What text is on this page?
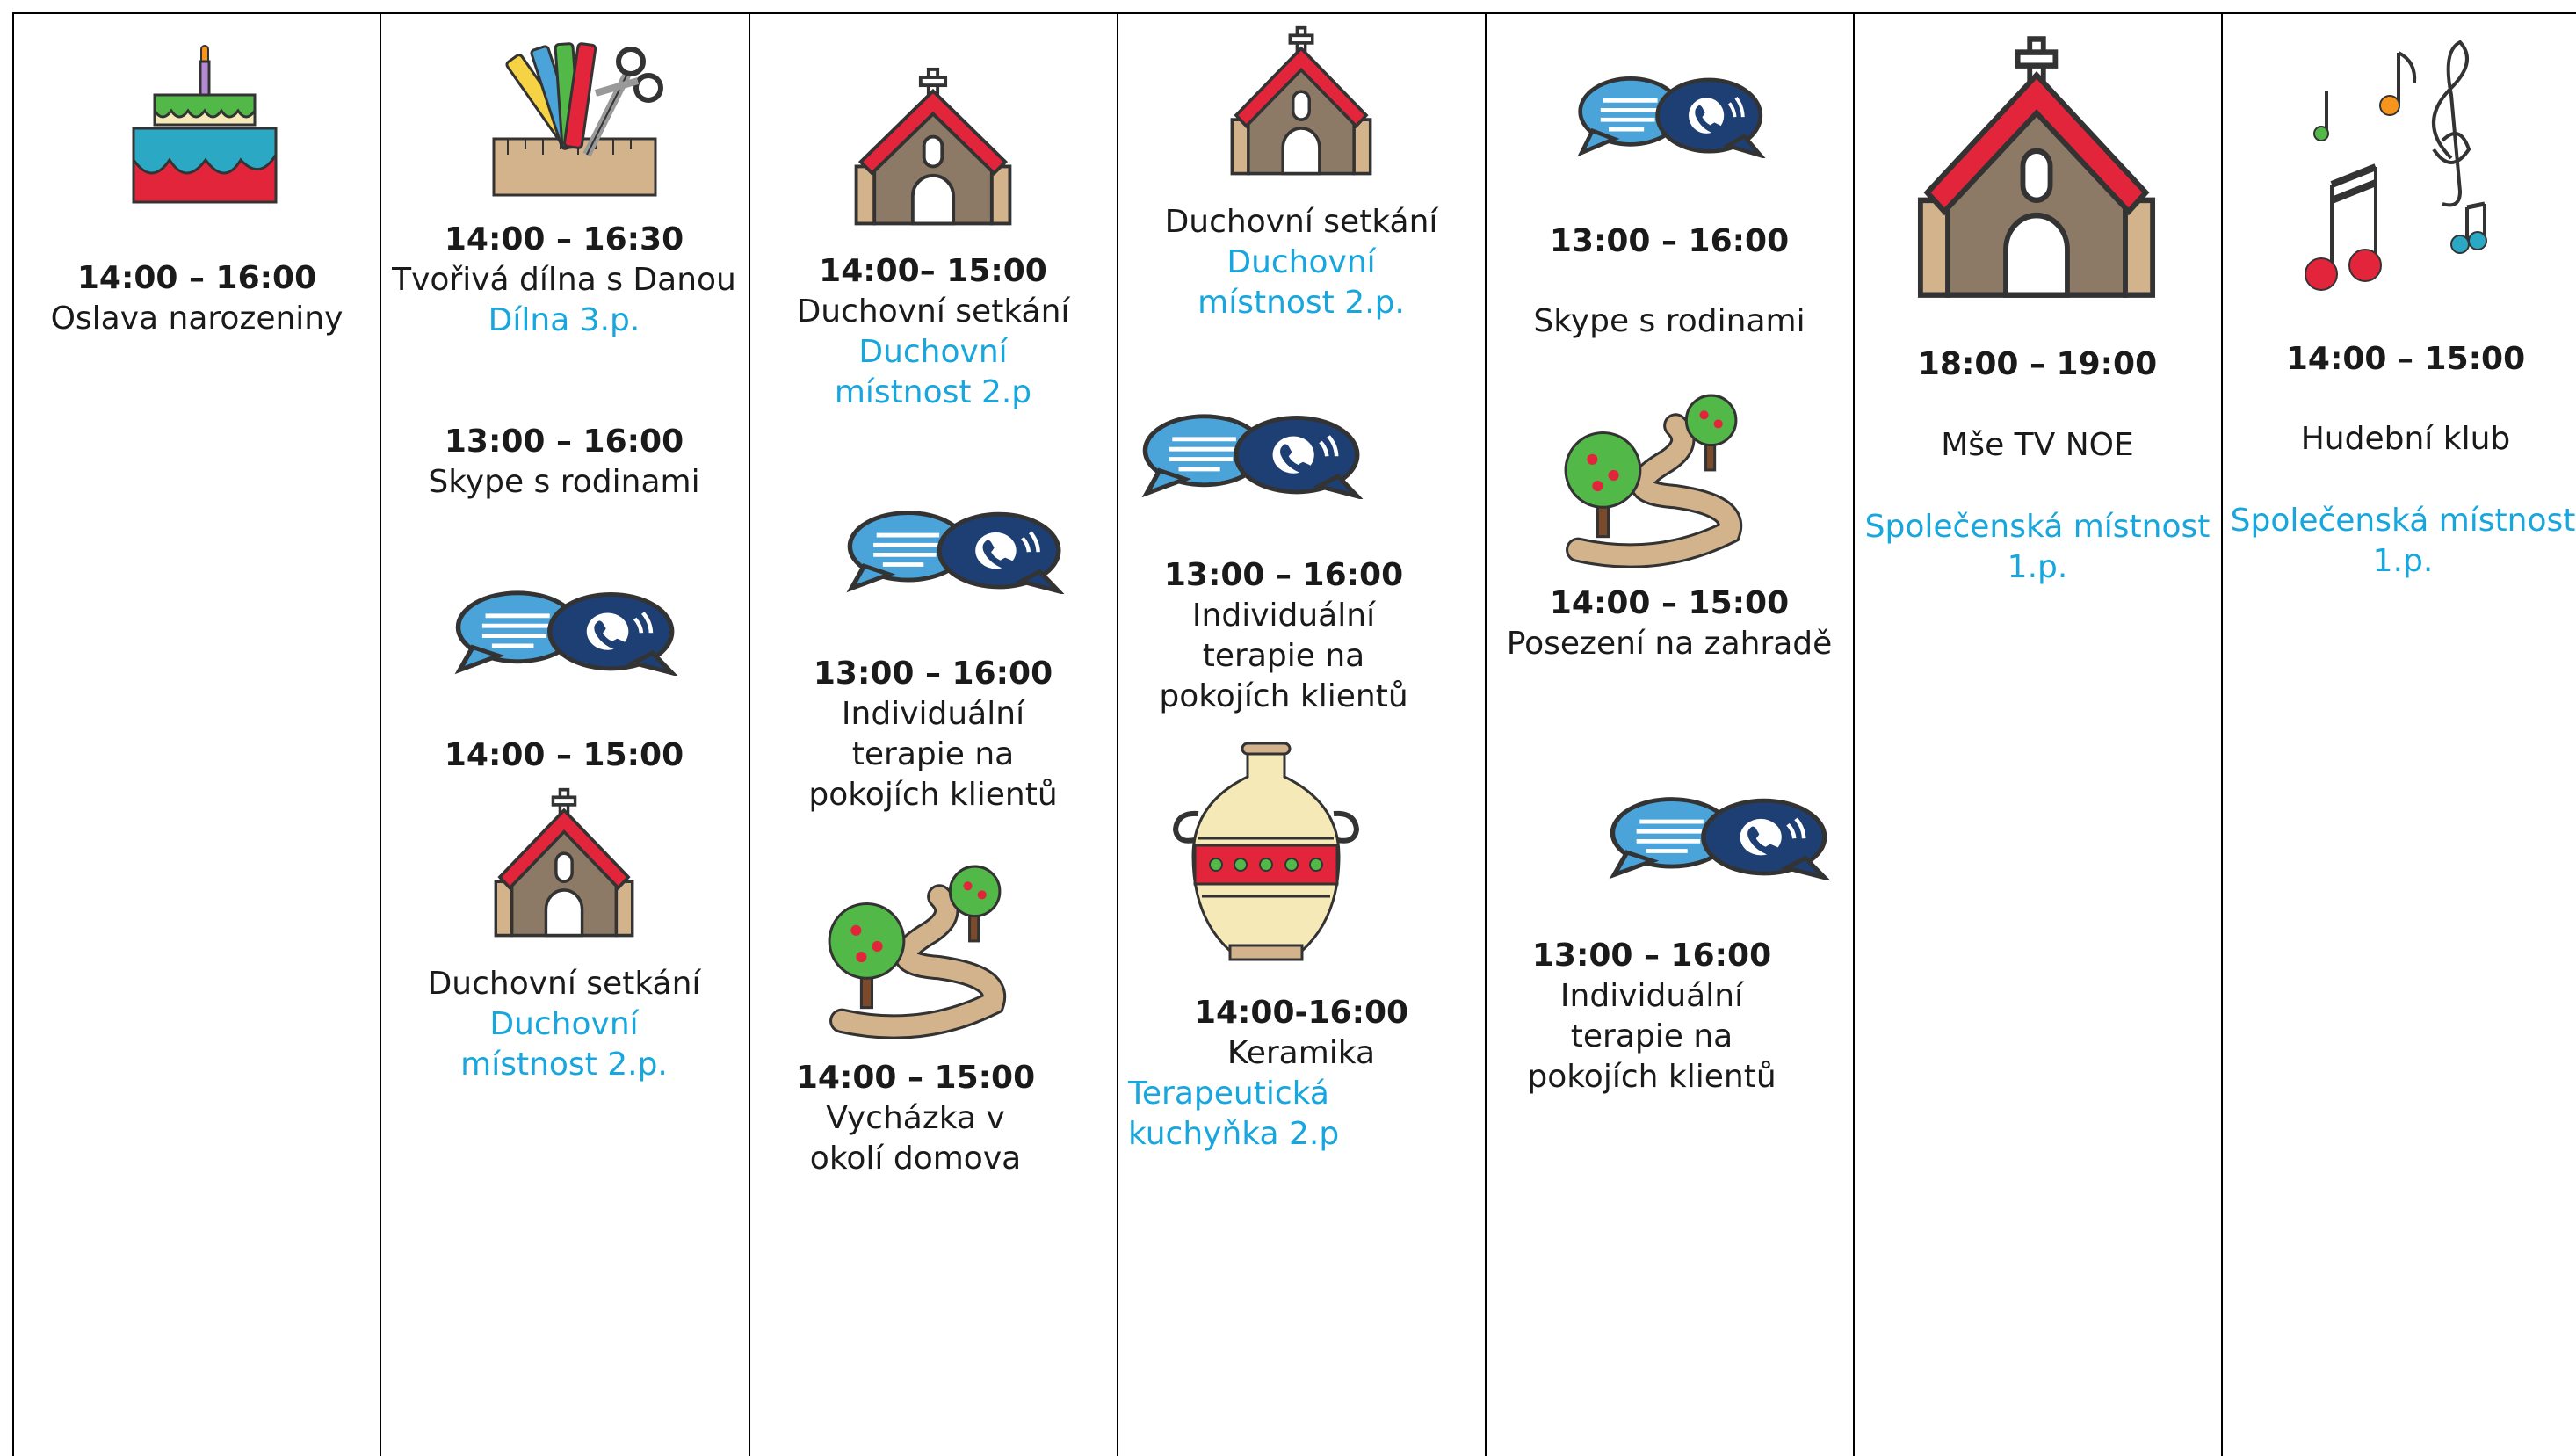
14:00 – 16:00
Oslava narozeniny
14:00 – 16:30
Tvořivá dílna s Danou
Dílna 3.p.
13:00 – 16:00
Skype s rodinami
14:00 – 15:00
Duchovní setkání
Duchovní místnost 2.p.
14:00– 15:00
Duchovní setkání
Duchovní místnost 2.p
13:00 – 16:00
Individuální terapie na pokojích klientů
14:00 – 15:00
Vycházka v okolí domova
Duchovní setkání
Duchovní místnost 2.p.
13:00 – 16:00
Individuální terapie na pokojích klientů
14:00-16:00
Keramika
Terapeutická kuchyňka 2.p
13:00 – 16:00
Skype s rodinami
14:00 – 15:00
Posezení na zahradě
13:00 – 16:00
Individuální terapie na pokojích klientů
18:00 – 19:00
Mše TV NOE
Společenská místnost 1.p.
14:00 – 15:00
Hudební klub
Společenská místnost 1.p.
